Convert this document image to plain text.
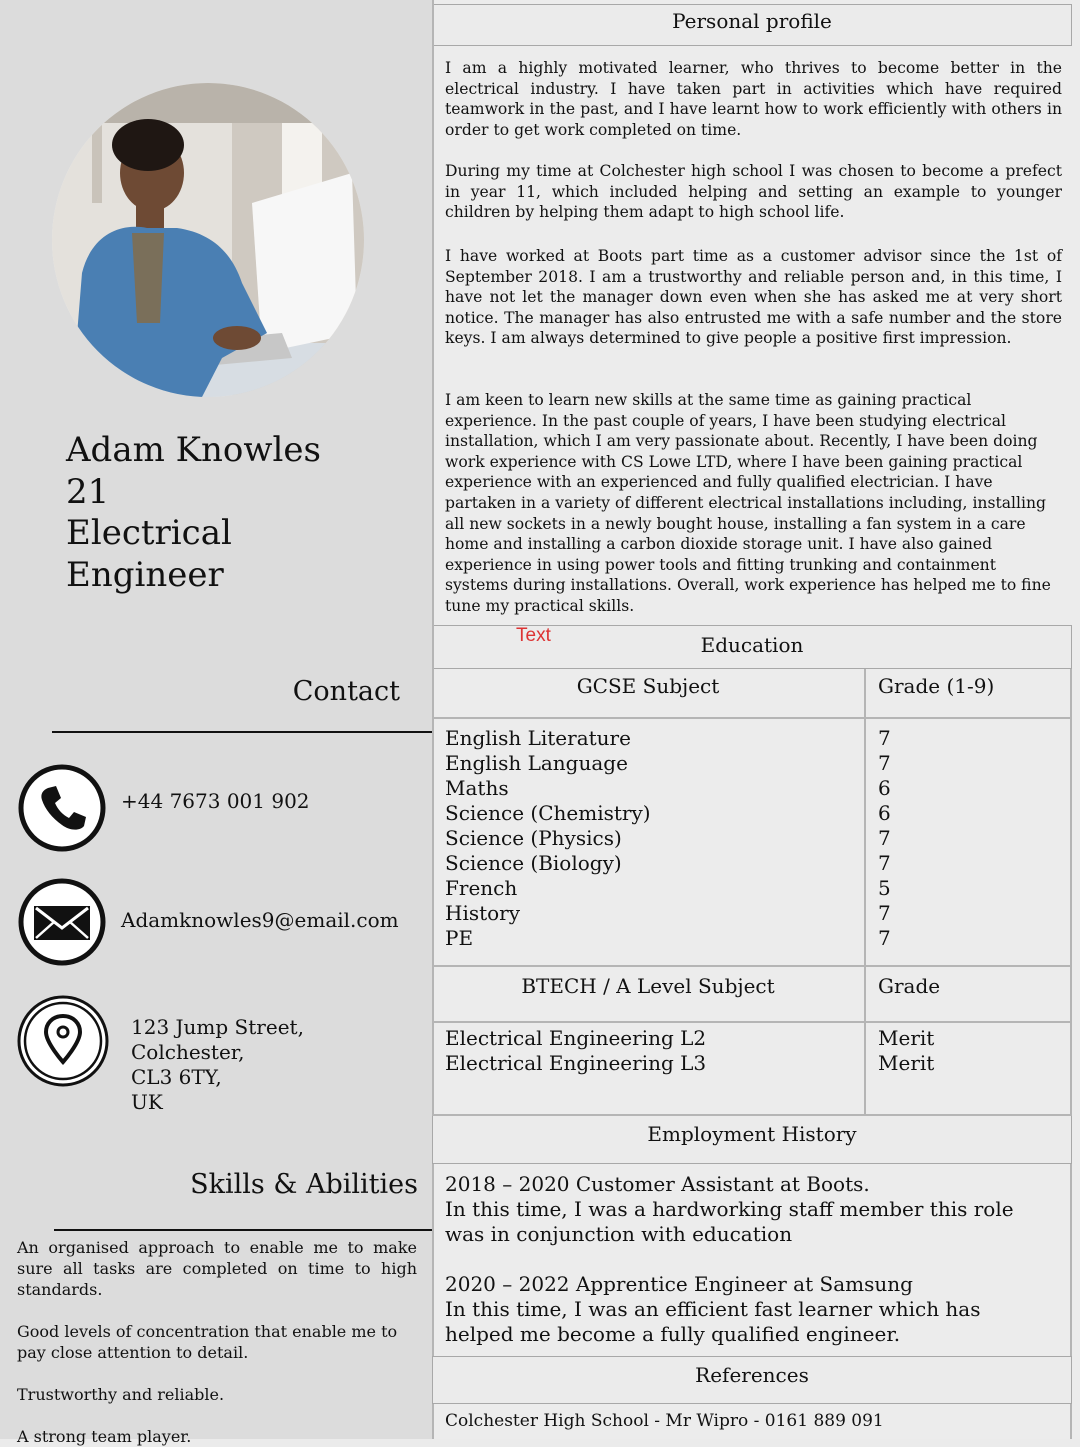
Adam Knowles
21
Electrical
Engineer
Contact
+44 7673 001 902
Adamknowles9@email.com
123 Jump Street,
Colchester,
CL3 6TY,
UK
Skills & Abilities

An organised approach to enable me to make sure all tasks are completed on time to high standards.

Good levels of concentration that enable me to pay close attention to detail.

Trustworthy and reliable.

A strong team player.

Personal profile

I am a highly motivated learner, who thrives to become better in the electrical industry. I have taken part in activities which have required teamwork in the past, and I have learnt how to work efficiently with others in order to get work completed on time.

During my time at Colchester high school I was chosen to become a prefect in year 11, which included helping and setting an example to younger children by helping them adapt to high school life.

I have worked at Boots part time as a customer advisor since the 1st of September 2018. I am a trustworthy and reliable person and, in this time, I have not let the manager down even when she has asked me at very short notice. The manager has also entrusted me with a safe number and the store keys. I am always determined to give people a positive first impression.

I am keen to learn new skills at the same time as gaining practical experience. In the past couple of years, I have been studying electrical installation, which I am very passionate about. Recently, I have been doing work experience with CS Lowe LTD, where I have been gaining practical experience with an experienced and fully qualified electrician. I have partaken in a variety of different electrical installations including, installing all new sockets in a newly bought house, installing a fan system in a care home and installing a carbon dioxide storage unit. I have also gained experience in using power tools and fitting trunking and containment systems during installations. Overall, work experience has helped me to fine tune my practical skills.

Education
Text
GCSE Subject	Grade (1-9)
English Literature
English Language
Maths
Science (Chemistry)
Science (Physics)
Science (Biology)
French
History
PE
7
7
6
6
7
7
5
7
7
BTECH / A Level Subject	Grade
Electrical Engineering L2
Electrical Engineering L3
Merit
Merit
Employment History
2018 – 2020 Customer Assistant at Boots.
In this time, I was a hardworking staff member this role was in conjunction with education
2020 – 2022 Apprentice Engineer at Samsung
In this time, I was an efficient fast learner which has helped me become a fully qualified engineer.
References
Colchester High School - Mr Wipro - 0161 889 091
